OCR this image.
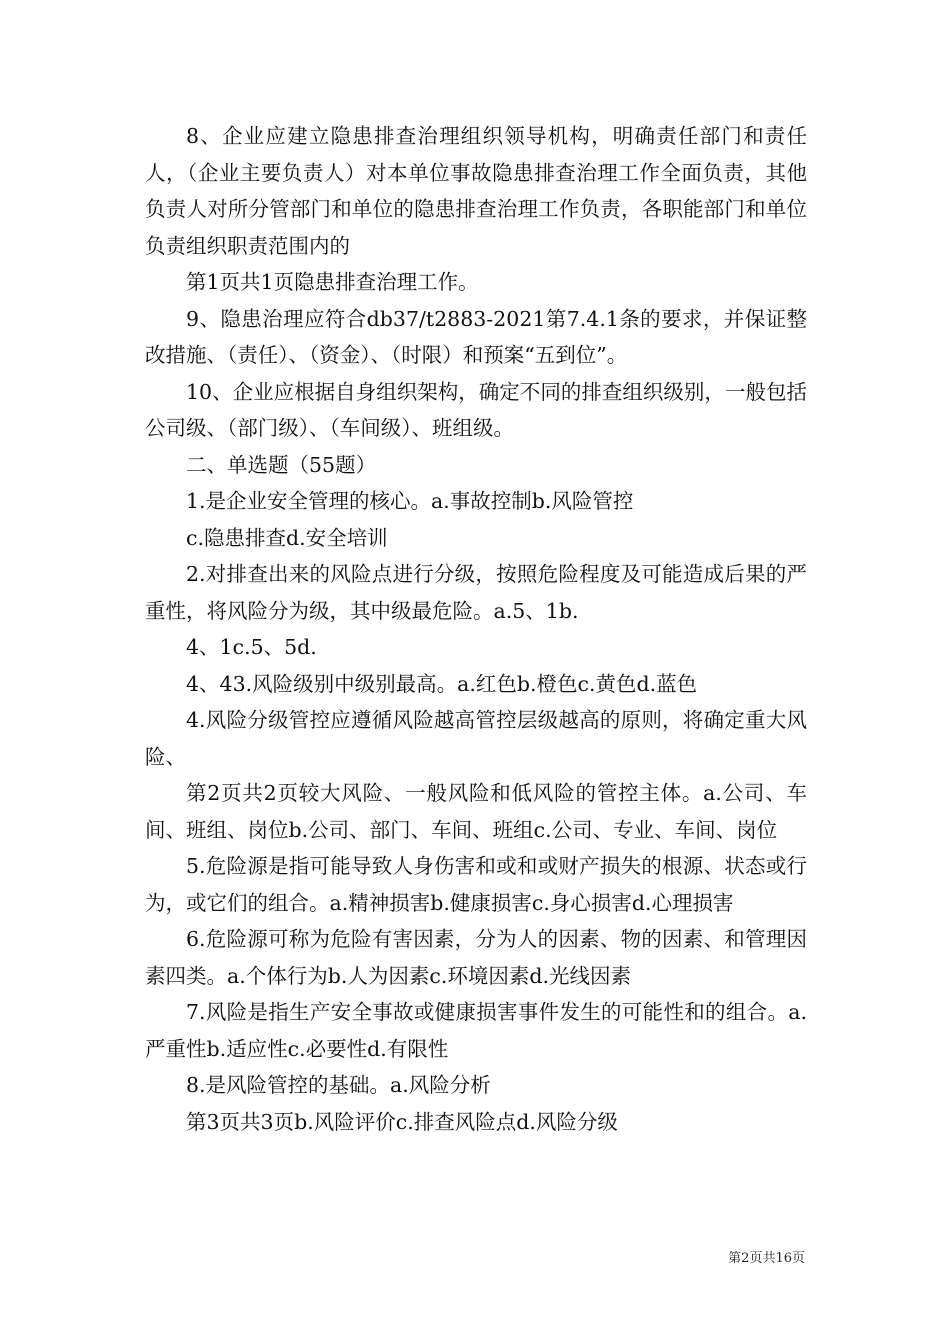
8、企业应建立隐患排查治理组织领导机构，明确责任部门和责任人，（企业主要负责人）对本单位事故隐患排查治理工作全面负责，其他负责人对所分管部门和单位的隐患排查治理工作负责，各职能部门和单位负责组织职责范围内的

第1页共1页隐患排查治理工作。

9、隐患治理应符合db37/t2883-2021第7.4.1条的要求，并保证整改措施、（责任）、（资金）、（时限）和预案“五到位”。

10、企业应根据自身组织架构，确定不同的排查组织级别，一般包括公司级、（部门级）、（车间级）、班组级。

二、单选题（55题）

1.是企业安全管理的核心。a.事故控制b.风险管控

c.隐患排查d.安全培训

2.对排查出来的风险点进行分级，按照危险程度及可能造成后果的严重性，将风险分为级，其中级最危险。a.5、1b.

4、1c.5、5d.

4、43.风险级别中级别最高。a.红色b.橙色c.黄色d.蓝色

4.风险分级管控应遵循风险越高管控层级越高的原则，将确定重大风险、

第2页共2页较大风险、一般风险和低风险的管控主体。a.公司、车间、班组、岗位b.公司、部门、车间、班组c.公司、专业、车间、岗位

5.危险源是指可能导致人身伤害和或和或财产损失的根源、状态或行为，或它们的组合。a.精神损害b.健康损害c.身心损害d.心理损害

6.危险源可称为危险有害因素，分为人的因素、物的因素、和管理因素四类。a.个体行为b.人为因素c.环境因素d.光线因素

7.风险是指生产安全事故或健康损害事件发生的可能性和的组合。a.严重性b.适应性c.必要性d.有限性

8.是风险管控的基础。a.风险分析

第3页共3页b.风险评价c.排查风险点d.风险分级

第2页共16页
